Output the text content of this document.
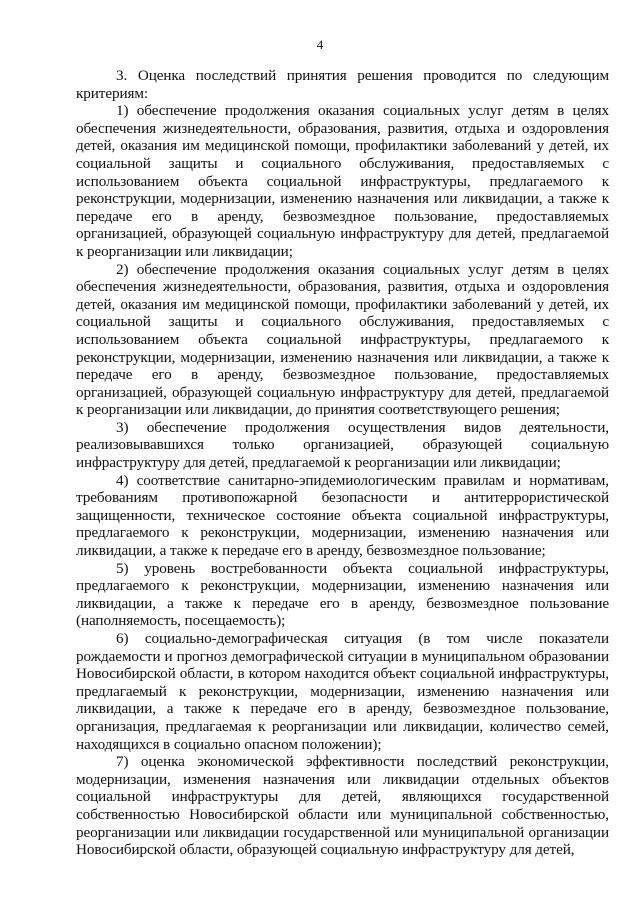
4

3. Оценка последствий принятия решения проводится по следующим критериям:

1) обеспечение продолжения оказания социальных услуг детям в целях обеспечения жизнедеятельности, образования, развития, отдыха и оздоровления детей, оказания им медицинской помощи, профилактики заболеваний у детей, их социальной защиты и социального обслуживания, предоставляемых с использованием объекта социальной инфраструктуры, предлагаемого к реконструкции, модернизации, изменению назначения или ликвидации, а также к передаче его в аренду, безвозмездное пользование, предоставляемых организацией, образующей социальную инфраструктуру для детей, предлагаемой к реорганизации или ликвидации;

2) обеспечение продолжения оказания социальных услуг детям в целях обеспечения жизнедеятельности, образования, развития, отдыха и оздоровления детей, оказания им медицинской помощи, профилактики заболеваний у детей, их социальной защиты и социального обслуживания, предоставляемых с использованием объекта социальной инфраструктуры, предлагаемого к реконструкции, модернизации, изменению назначения или ликвидации, а также к передаче его в аренду, безвозмездное пользование, предоставляемых организацией, образующей социальную инфраструктуру для детей, предлагаемой к реорганизации или ликвидации, до принятия соответствующего решения;

3) обеспечение продолжения осуществления видов деятельности, реализовывавшихся только организацией, образующей социальную инфраструктуру для детей, предлагаемой к реорганизации или ликвидации;

4) соответствие санитарно-эпидемиологическим правилам и нормативам, требованиям противопожарной безопасности и антитеррористической защищенности, техническое состояние объекта социальной инфраструктуры, предлагаемого к реконструкции, модернизации, изменению назначения или ликвидации, а также к передаче его в аренду, безвозмездное пользование;

5) уровень востребованности объекта социальной инфраструктуры, предлагаемого к реконструкции, модернизации, изменению назначения или ликвидации, а также к передаче его в аренду, безвозмездное пользование (наполняемость, посещаемость);

6) социально-демографическая ситуация (в том числе показатели рождаемости и прогноз демографической ситуации в муниципальном образовании Новосибирской области, в котором находится объект социальной инфраструктуры, предлагаемый к реконструкции, модернизации, изменению назначения или ликвидации, а также к передаче его в аренду, безвозмездное пользование, организация, предлагаемая к реорганизации или ликвидации, количество семей, находящихся в социально опасном положении);

7) оценка экономической эффективности последствий реконструкции, модернизации, изменения назначения или ликвидации отдельных объектов социальной инфраструктуры для детей, являющихся государственной собственностью Новосибирской области или муниципальной собственностью, реорганизации или ликвидации государственной или муниципальной организации Новосибирской области, образующей социальную инфраструктуру для детей,
